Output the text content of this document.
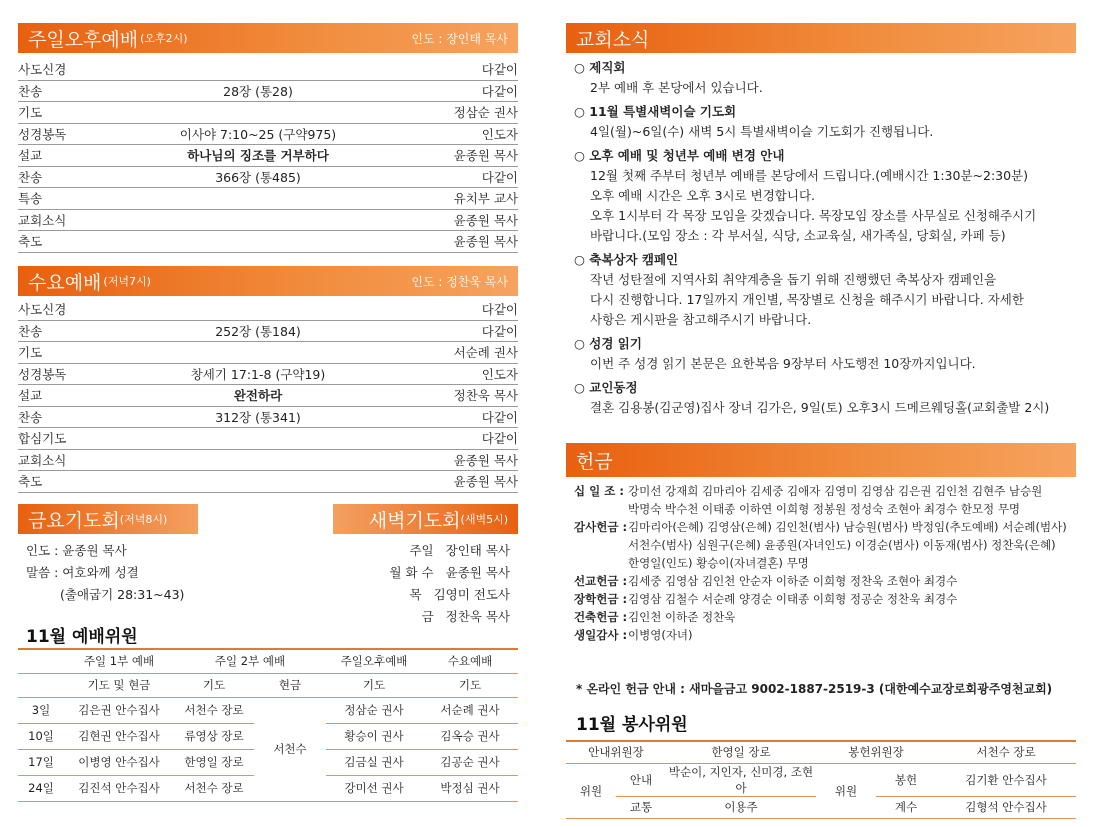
주일오후예배 (오후2시)	인도 : 장인태 목사
사도신경	다같이
찬송	28장 (통28)	다같이
기도	정삼순 권사
성경봉독	이사야 7:10~25 (구약975)	인도자
설교	하나님의 징조를 거부하다	윤종원 목사
찬송	366장 (통485)	다같이
특송	유치부 교사
교회소식	윤종원 목사
축도	윤종원 목사
수요예배 (저녁7시)	인도 : 정찬욱 목사
사도신경	다같이
찬송	252장 (통184)	다같이
기도	서순례 권사
성경봉독	창세기 17:1-8 (구약19)	인도자
설교	완전하라	정찬욱 목사
찬송	312장 (통341)	다같이
합심기도	다같이
교회소식	윤종원 목사
축도	윤종원 목사
금요기도회 (저녁8시)
인도 : 윤종원 목사
말씀 : 여호와께 성결
(출애굽기 28:31~43)
새벽기도회 (새벽5시)
주일 장인태 목사
월 화 수 윤종원 목사
목 김영미 전도사
금 정찬욱 목사
11월 예배위원
	주일 1부 예배	주일 2부 예배		주일오후예배	수요예배
	기도 및 현금	기도	현금	기도	기도
3일	김은권 안수집사	서천수 장로	서천수	정삼순 권사	서순례 권사
10일	김현권 안수집사	류영상 장로		황승이 권사	김옥승 권사
17일	이병영 안수집사	한영일 장로		김금실 권사	김공순 권사
24일	김진석 안수집사	서천수 장로		강미선 권사	박정심 권사
교회소식
○ 제직회
2부 예배 후 본당에서 있습니다.
○ 11월 특별새벽이슬 기도회
4일(월)~6일(수) 새벽 5시 특별새벽이슬 기도회가 진행됩니다.
○ 오후 예배 및 청년부 예배 변경 안내
12월 첫째 주부터 청년부 예배를 본당에서 드립니다.(예배시간 1:30분~2:30분)
오후 예배 시간은 오후 3시로 변경합니다.
오후 1시부터 각 목장 모임을 갖겠습니다. 목장모임 장소를 사무실로 신청해주시기
바랍니다.(모임 장소 : 각 부서실, 식당, 소교육실, 새가족실, 당회실, 카페 등)
○ 축복상자 캠페인
작년 성탄절에 지역사회 취약계층을 돕기 위해 진행했던 축복상자 캠페인을
다시 진행합니다. 17일까지 개인별, 목장별로 신청을 해주시기 바랍니다. 자세한
사항은 게시판을 참고해주시기 바랍니다.
○ 성경 읽기
이번 주 성경 읽기 본문은 요한복음 9장부터 사도행전 10장까지입니다.
○ 교인동정
결혼 김용봉(김군영)집사 장녀 김가은, 9일(토) 오후3시 드메르웨딩홀(교회출발 2시)
헌금
십 일 조 : 강미선 강재희 김마리아 김세중 김애자 김영미 김영삼 김은권 김인천 김현주 남승원
박명숙 박수천 이태종 이하연 이희형 정봉원 정성숙 조현아 최경수 한모정 무명
감사헌금 : 김마리아(은혜) 김영삼(은혜) 김인천(범사) 남승원(범사) 박정임(추도예배) 서순례(범사)
서천수(범사) 심원구(은혜) 윤종원(자녀인도) 이경순(범사) 이동재(범사) 정찬욱(은혜)
한영일(인도) 황승이(자녀결혼) 무명
선교헌금 : 김세중 김영삼 김인천 안순자 이하준 이희형 정찬욱 조현아 최경수
장학헌금 : 김영삼 김철수 서순례 양경순 이태종 이희형 정공순 정찬욱 최경수
건축헌금 : 김인천 이하준 정찬욱
생일감사 : 이병영(자녀)
* 온라인 헌금 안내 : 새마을금고 9002-1887-2519-3 (대한예수교장로회광주영천교회)
11월 봉사위원
안내위원장		한영일 장로	봉헌위원장		서천수 장로
위원	안내	박순이, 지인자, 신미경, 조현아	위원	봉헌	김기환 안수집사
	교통	이용주		계수	김형석 안수집사
